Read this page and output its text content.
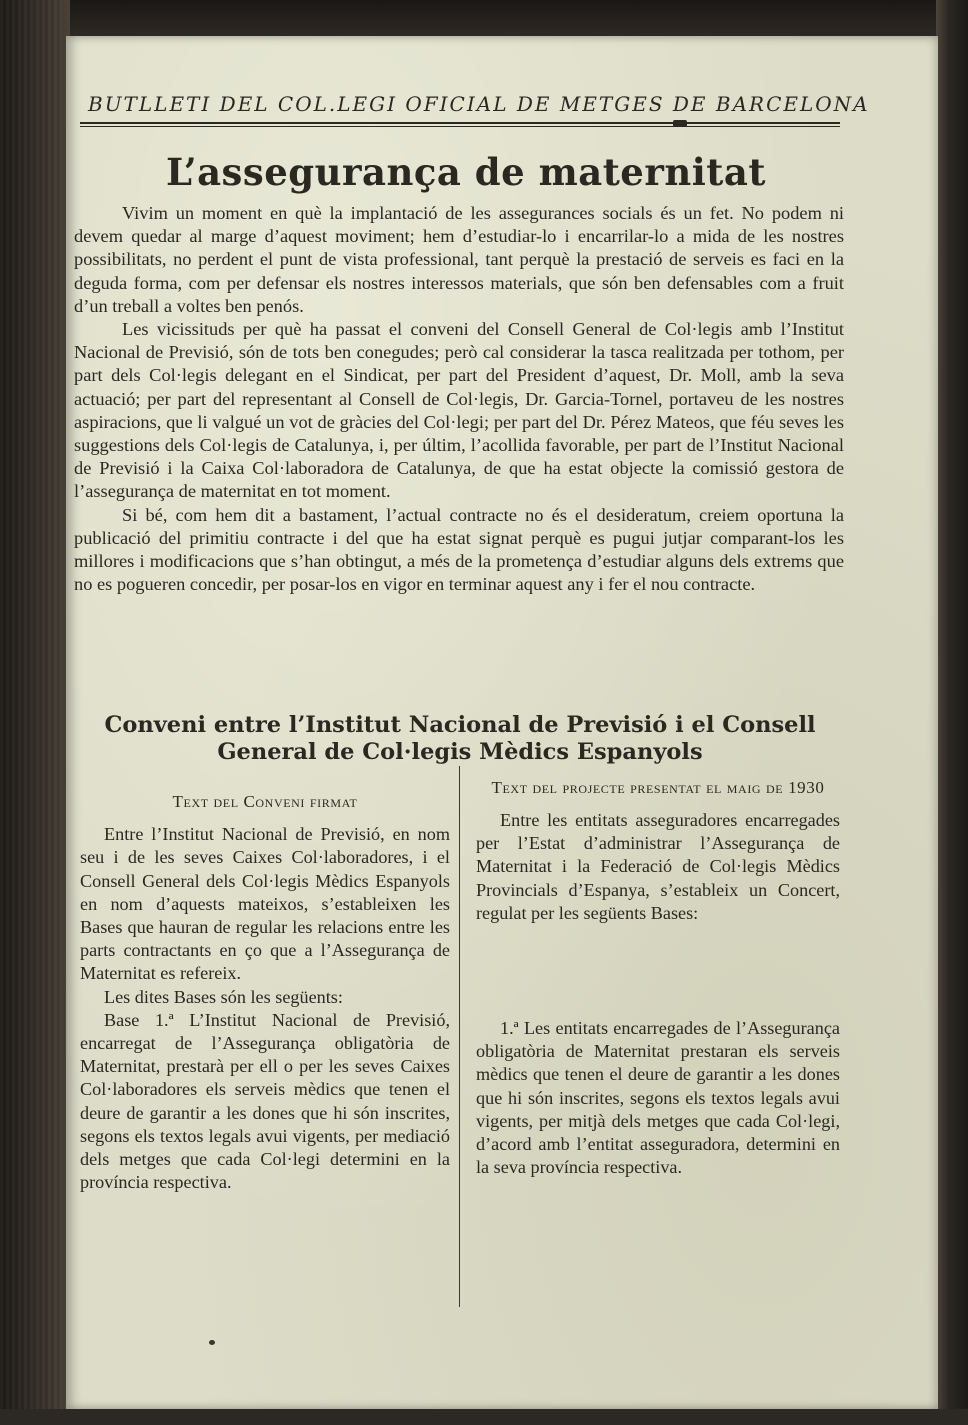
BUTLLETI DEL COL.LEGI OFICIAL DE METGES DE BARCELONA
L’assegurança de maternitat

Vivim un moment en què la implantació de les assegurances socials és un fet. No podem ni devem quedar al marge d’aquest moviment; hem d’estudiar-lo i encarrilar-lo a mida de les nostres possibilitats, no perdent el punt de vista professional, tant perquè la prestació de serveis es faci en la deguda forma, com per defensar els nostres interessos materials, que són ben defensables com a fruit d’un treball a voltes ben penós.

Les vicissituds per què ha passat el conveni del Consell General de Col·legis amb l’Institut Nacional de Previsió, són de tots ben conegudes; però cal considerar la tasca realitzada per tothom, per part dels Col·legis delegant en el Sindicat, per part del President d’aquest, Dr. Moll, amb la seva actuació; per part del representant al Consell de Col·legis, Dr. Garcia-Tornel, portaveu de les nostres aspiracions, que li valgué un vot de gràcies del Col·legi; per part del Dr. Pérez Mateos, que féu seves les suggestions dels Col·legis de Catalunya, i, per últim, l’acollida favorable, per part de l’Institut Nacional de Previsió i la Caixa Col·laboradora de Catalunya, de que ha estat objecte la comissió gestora de l’assegurança de maternitat en tot moment.

Si bé, com hem dit a bastament, l’actual contracte no és el desideratum, creiem oportuna la publicació del primitiu contracte i del que ha estat signat perquè es pugui jutjar comparant-los les millores i modificacions que s’han obtingut, a més de la prometença d’estudiar alguns dels extrems que no es pogueren concedir, per posar-los en vigor en terminar aquest any i fer el nou contracte.

Conveni entre l’Institut Nacional de Previsió i el Consell
General de Col·legis Mèdics Espanyols
Text del Conveni firmat

Entre l’Institut Nacional de Previsió, en nom seu i de les seves Caixes Col·laboradores, i el Consell General dels Col·legis Mèdics Espanyols en nom d’aquests mateixos, s’estableixen les Bases que hauran de regular les relacions entre les parts contractants en ço que a l’Assegurança de Maternitat es refereix.

Les dites Bases són les següents:

Base 1.ª L’Institut Nacional de Previsió, encarregat de l’Assegurança obligatòria de Maternitat, prestarà per ell o per les seves Caixes Col·laboradores els serveis mèdics que tenen el deure de garantir a les dones que hi són inscrites, segons els textos legals avui vigents, per mediació dels metges que cada Col·legi determini en la província respectiva.

Text del projecte presentat el maig de 1930

Entre les entitats asseguradores encarregades per l’Estat d’administrar l’Assegurança de Maternitat i la Federació de Col·legis Mèdics Provincials d’Espanya, s’estableix un Concert, regulat per les següents Bases:

1.ª Les entitats encarregades de l’Assegurança obligatòria de Maternitat prestaran els serveis mèdics que tenen el deure de garantir a les dones que hi són inscrites, segons els textos legals avui vigents, per mitjà dels metges que cada Col·legi, d’acord amb l’entitat asseguradora, determini en la seva província respectiva.
